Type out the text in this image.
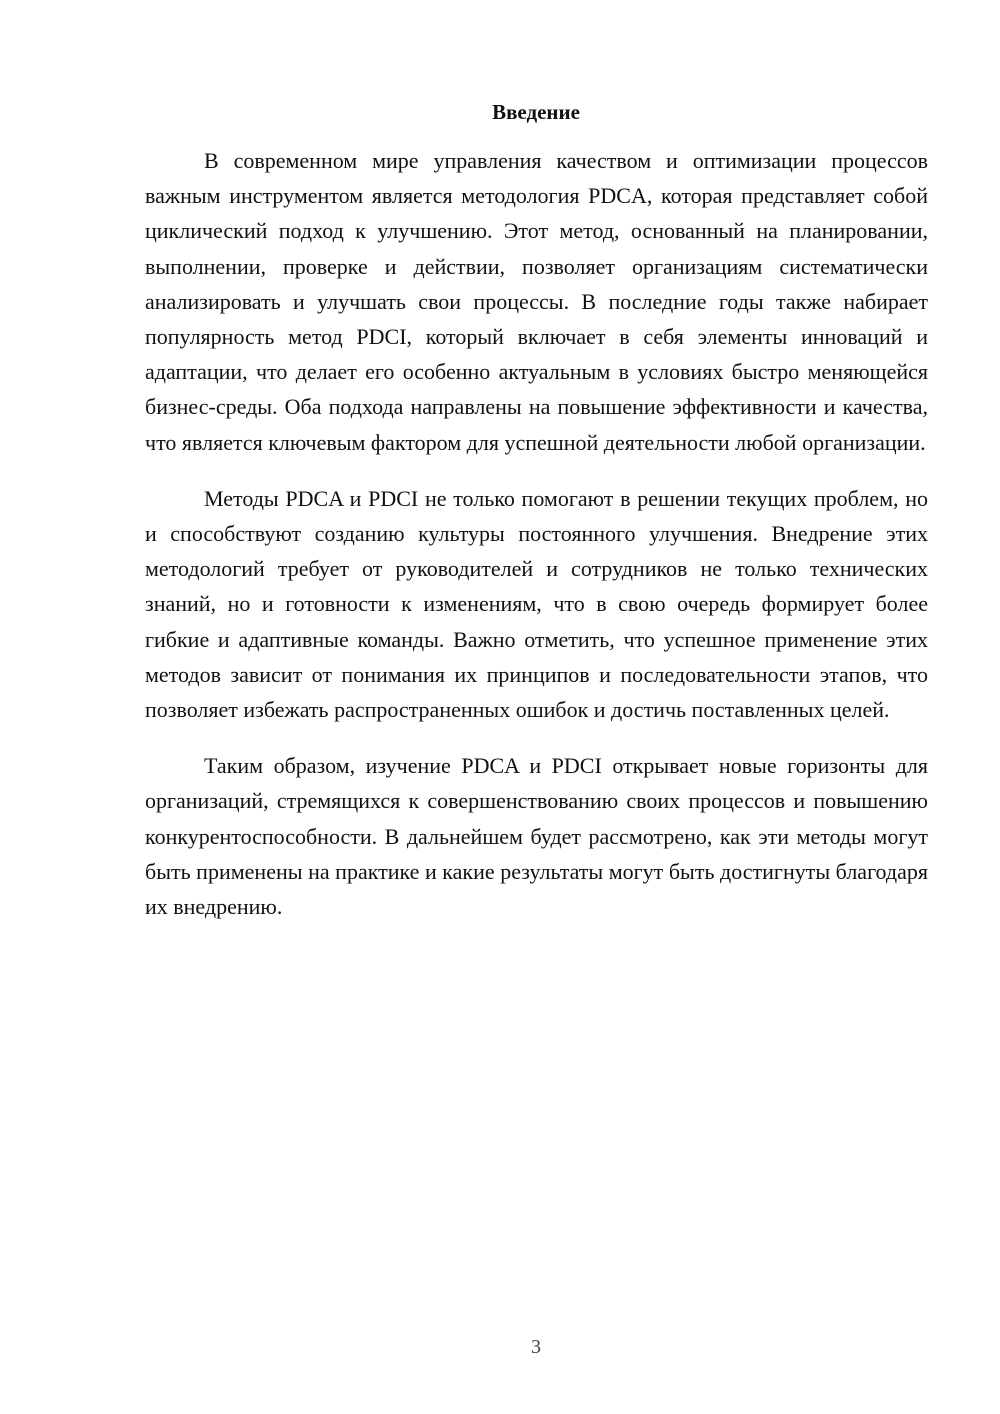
Введение

В современном мире управления качеством и оптимизации процессов важным инструментом является методология PDCA, которая представляет собой циклический подход к улучшению. Этот метод, основанный на планировании, выполнении, проверке и действии, позволяет организациям систематически анализировать и улучшать свои процессы. В последние годы также набирает популярность метод PDCI, который включает в себя элементы инноваций и адаптации, что делает его особенно актуальным в условиях быстро меняющейся бизнес-среды. Оба подхода направлены на повышение эффективности и качества, что является ключевым фактором для успешной деятельности любой организации.

Методы PDCA и PDCI не только помогают в решении текущих проблем, но и способствуют созданию культуры постоянного улучшения. Внедрение этих методологий требует от руководителей и сотрудников не только технических знаний, но и готовности к изменениям, что в свою очередь формирует более гибкие и адаптивные команды. Важно отметить, что успешное применение этих методов зависит от понимания их принципов и последовательности этапов, что позволяет избежать распространенных ошибок и достичь поставленных целей.

Таким образом, изучение PDCA и PDCI открывает новые горизонты для организаций, стремящихся к совершенствованию своих процессов и повышению конкурентоспособности. В дальнейшем будет рассмотрено, как эти методы могут быть применены на практике и какие результаты могут быть достигнуты благодаря их внедрению.

3
